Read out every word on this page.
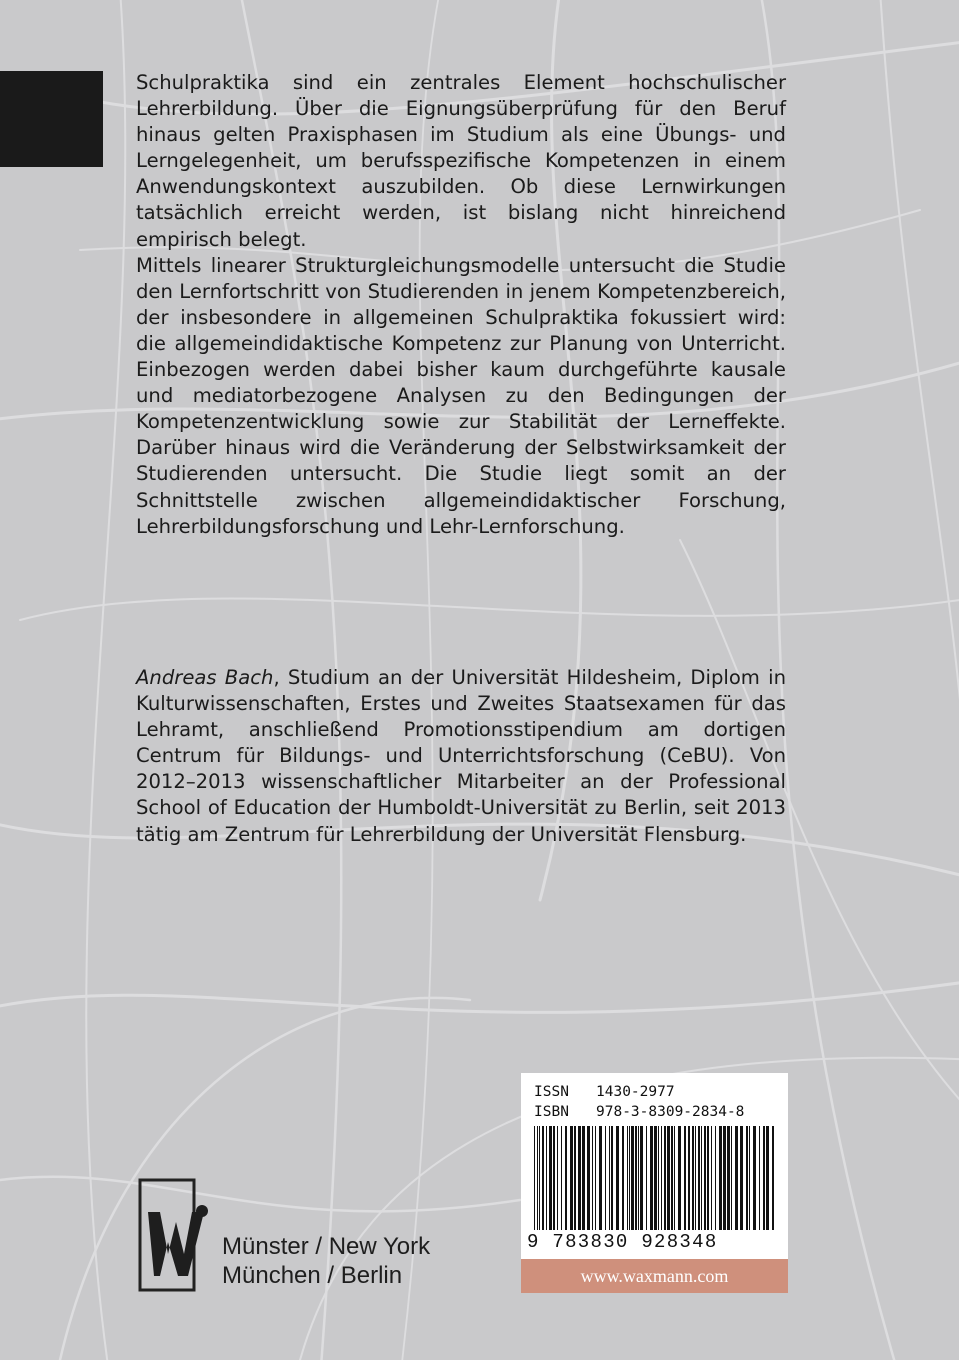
Schulpraktika sind ein zentrales Element hochschulischer Lehrerbildung. Über die Eignungsüberprüfung für den Beruf hinaus gelten Praxisphasen im Studium als eine Übungs- und Lerngelegenheit, um berufsspezifische Kompetenzen in einem Anwendungskontext auszubilden. Ob diese Lernwirkungen tatsächlich erreicht werden, ist bislang nicht hinreichend empirisch belegt.

Mittels linearer Strukturgleichungsmodelle untersucht die Studie den Lernfortschritt von Studierenden in jenem Kompetenzbereich, der insbesondere in allgemeinen Schulpraktika fokussiert wird: die allgemeindidaktische Kompetenz zur Planung von Unterricht. Einbezogen werden dabei bisher kaum durchgeführte kausale und mediatorbezogene Analysen zu den Bedingungen der Kompetenzentwicklung sowie zur Stabilität der Lerneffekte. Darüber hinaus wird die Veränderung der Selbstwirksamkeit der Studierenden untersucht. Die Studie liegt somit an der Schnittstelle zwischen allgemeindidaktischer Forschung, Lehrerbildungsforschung und Lehr-Lernforschung.

Andreas Bach, Studium an der Universität Hildesheim, Diplom in Kulturwissenschaften, Erstes und Zweites Staatsexamen für das Lehramt, anschließend Promotionsstipendium am dortigen Centrum für Bildungs- und Unterrichtsforschung (CeBU). Von 2012–2013 wissenschaftlicher Mitarbeiter an der Professional School of Education der Humboldt-Universität zu Berlin, seit 2013 tätig am Zentrum für Lehrerbildung der Universität Flensburg.

ISSN 1430-2977
ISBN 978-3-8309-2834-8
9 783830 928348
www.waxmann.com
Münster / New York
München / Berlin
